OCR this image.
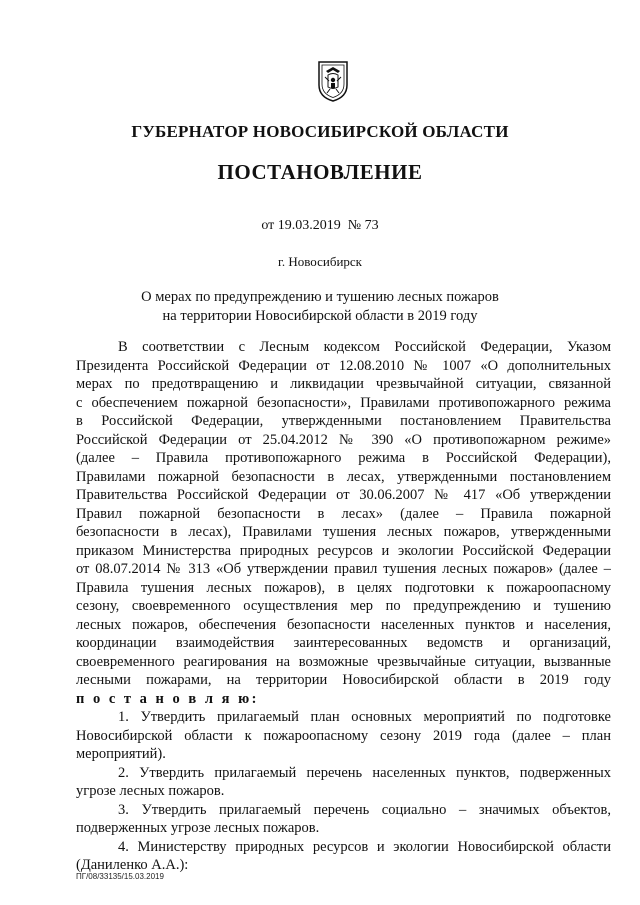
ГУБЕРНАТОР НОВОСИБИРСКОЙ ОБЛАСТИ
ПОСТАНОВЛЕНИЕ
от 19.03.2019  № 73
г. Новосибирск
О мерах по предупреждению и тушению лесных пожаров
на территории Новосибирской области в 2019 году
В соответствии с Лесным кодексом Российской Федерации, Указом
Президента Российской Федерации от 12.08.2010 № 1007 «О дополнительных
мерах по предотвращению и ликвидации чрезвычайной ситуации, связанной
с обеспечением пожарной безопасности», Правилами противопожарного режима
в Российской Федерации, утвержденными постановлением Правительства
Российской Федерации от 25.04.2012 № 390 «О противопожарном режиме»
(далее – Правила противопожарного режима в Российской Федерации),
Правилами пожарной безопасности в лесах, утвержденными постановлением
Правительства Российской Федерации от 30.06.2007 № 417 «Об утверждении
Правил пожарной безопасности в лесах» (далее – Правила пожарной
безопасности в лесах), Правилами тушения лесных пожаров, утвержденными
приказом Министерства природных ресурсов и экологии Российской Федерации
от 08.07.2014 № 313 «Об утверждении правил тушения лесных пожаров» (далее –
Правила тушения лесных пожаров), в целях подготовки к пожароопасному
сезону, своевременного осуществления мер по предупреждению и тушению
лесных пожаров, обеспечения безопасности населенных пунктов и населения,
координации взаимодействия заинтересованных ведомств и организаций,
своевременного реагирования на возможные чрезвычайные ситуации, вызванные
лесными пожарами, на территории Новосибирской области в 2019 году
п о с т а н о в л я ю:
1. Утвердить прилагаемый план основных мероприятий по подготовке
Новосибирской области к пожароопасному сезону 2019 года (далее – план
мероприятий).
2. Утвердить прилагаемый перечень населенных пунктов, подверженных
угрозе лесных пожаров.
3. Утвердить прилагаемый перечень социально – значимых объектов,
подверженных угрозе лесных пожаров.
4. Министерству природных ресурсов и экологии Новосибирской области
(Даниленко А.А.):
ПГ/08/33135/15.03.2019
